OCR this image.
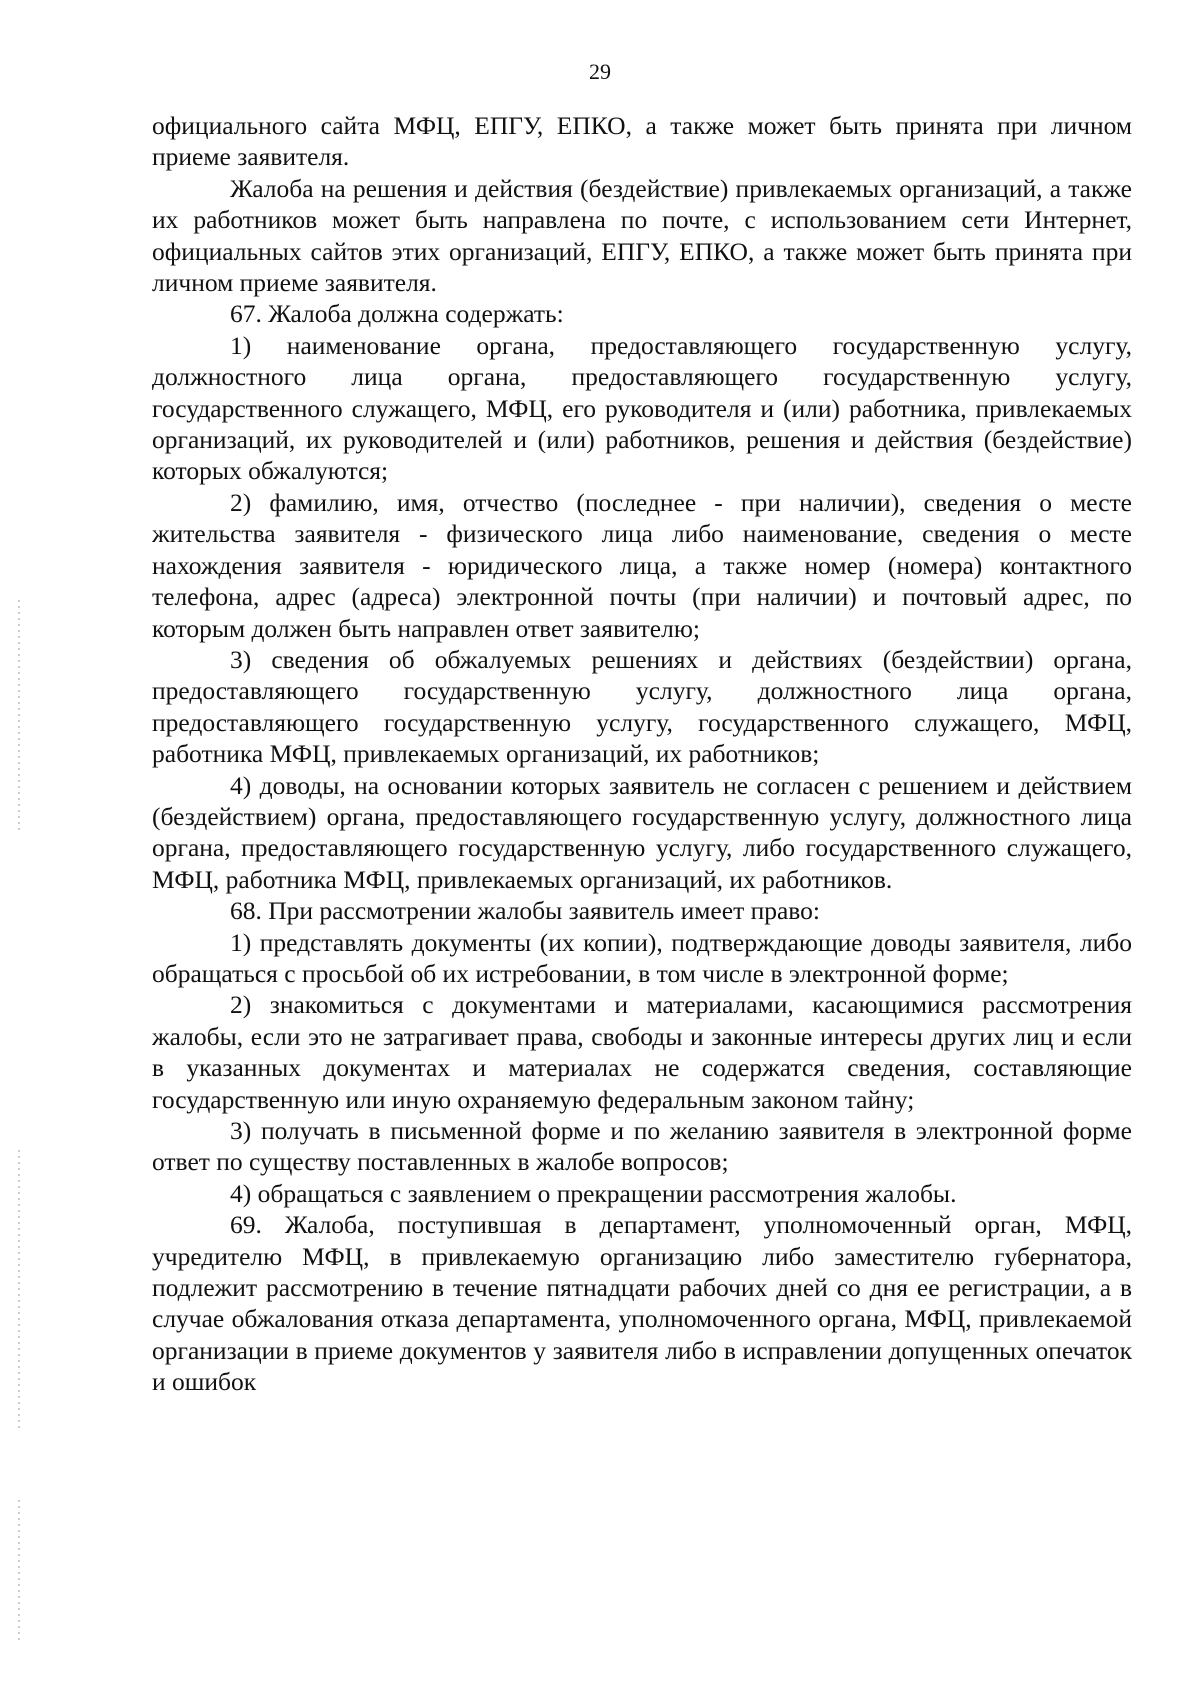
29

официального сайта МФЦ, ЕПГУ, ЕПКО, а также может быть принята при личном приеме заявителя.

Жалоба на решения и действия (бездействие) привлекаемых организаций, а также их работников может быть направлена по почте, с использованием сети Интернет, официальных сайтов этих организаций, ЕПГУ, ЕПКО, а также может быть принята при личном приеме заявителя.

67. Жалоба должна содержать:

1) наименование органа, предоставляющего государственную услугу, должностного лица органа, предоставляющего государственную услугу, государственного служащего, МФЦ, его руководителя и (или) работника, привлекаемых организаций, их руководителей и (или) работников, решения и действия (бездействие) которых обжалуются;

2) фамилию, имя, отчество (последнее - при наличии), сведения о месте жительства заявителя - физического лица либо наименование, сведения о месте нахождения заявителя - юридического лица, а также номер (номера) контактного телефона, адрес (адреса) электронной почты (при наличии) и почтовый адрес, по которым должен быть направлен ответ заявителю;

3) сведения об обжалуемых решениях и действиях (бездействии) органа, предоставляющего государственную услугу, должностного лица органа, предоставляющего государственную услугу, государственного служащего, МФЦ, работника МФЦ, привлекаемых организаций, их работников;

4) доводы, на основании которых заявитель не согласен с решением и действием (бездействием) органа, предоставляющего государственную услугу, должностного лица органа, предоставляющего государственную услугу, либо государственного служащего, МФЦ, работника МФЦ, привлекаемых организаций, их работников.

68. При рассмотрении жалобы заявитель имеет право:

1) представлять документы (их копии), подтверждающие доводы заявителя, либо обращаться с просьбой об их истребовании, в том числе в электронной форме;

2) знакомиться с документами и материалами, касающимися рассмотрения жалобы, если это не затрагивает права, свободы и законные интересы других лиц и если в указанных документах и материалах не содержатся сведения, составляющие государственную или иную охраняемую федеральным законом тайну;

3) получать в письменной форме и по желанию заявителя в электронной форме ответ по существу поставленных в жалобе вопросов;

4) обращаться с заявлением о прекращении рассмотрения жалобы.

69. Жалоба, поступившая в департамент, уполномоченный орган, МФЦ, учредителю МФЦ, в привлекаемую организацию либо заместителю губернатора, подлежит рассмотрению в течение пятнадцати рабочих дней со дня ее регистрации, а в случае обжалования отказа департамента, уполномоченного органа, МФЦ, привлекаемой организации в приеме документов у заявителя либо в исправлении допущенных опечаток и ошибок
